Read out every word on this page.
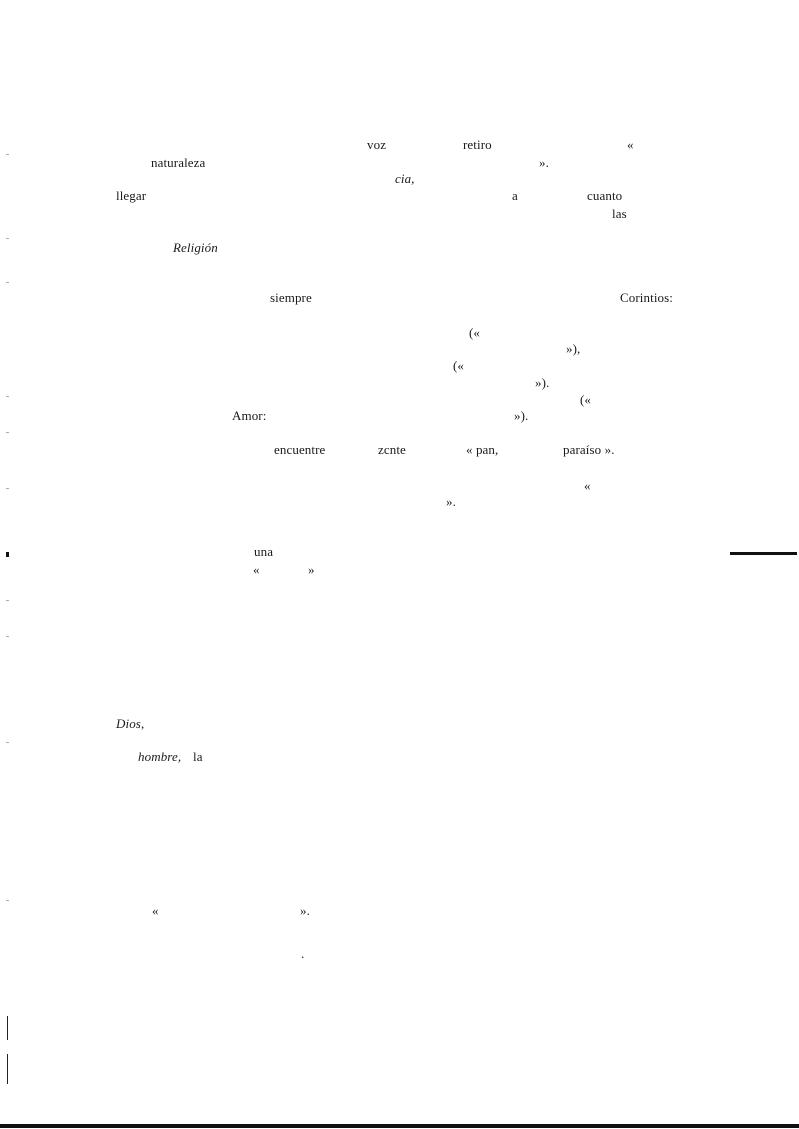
voz	retiro	«
naturaleza	».
cia,
llegar	a	cuanto
las
Religión
siempre	Corintios:
(«
»),
(«
»).
(«
Amor:	»).
encuentre	zcnte	« pan,	paraíso ».
«
».
una
«	»
Dios,
hombre, la
«	».
.
